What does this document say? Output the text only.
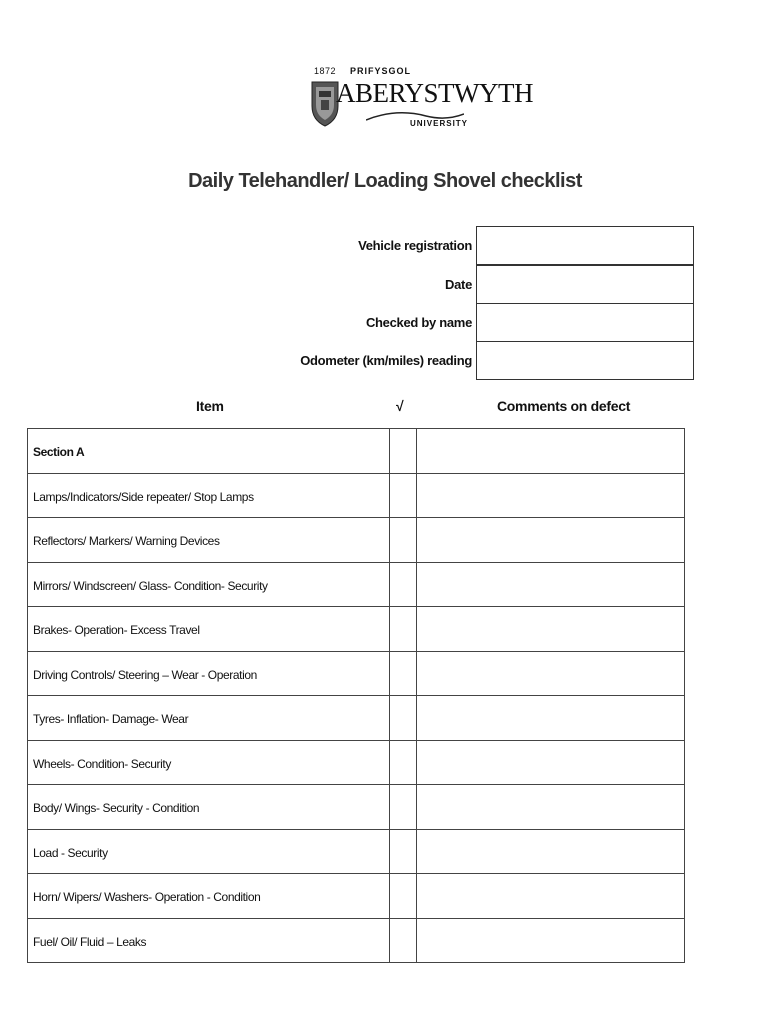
1872 PRIFYSGOL
ABERYSTWYTH
UNIVERSITY
Daily Telehandler/ Loading Shovel checklist
Vehicle registration
Date
Checked by name
Odometer (km/miles) reading
Item	√	Comments on defect
Section A
Lamps/Indicators/Side repeater/ Stop Lamps
Reflectors/ Markers/ Warning Devices
Mirrors/ Windscreen/ Glass- Condition- Security
Brakes- Operation- Excess Travel
Driving Controls/ Steering – Wear - Operation
Tyres- Inflation- Damage- Wear
Wheels- Condition- Security
Body/ Wings- Security - Condition
Load - Security
Horn/ Wipers/ Washers- Operation - Condition
Fuel/ Oil/ Fluid – Leaks
